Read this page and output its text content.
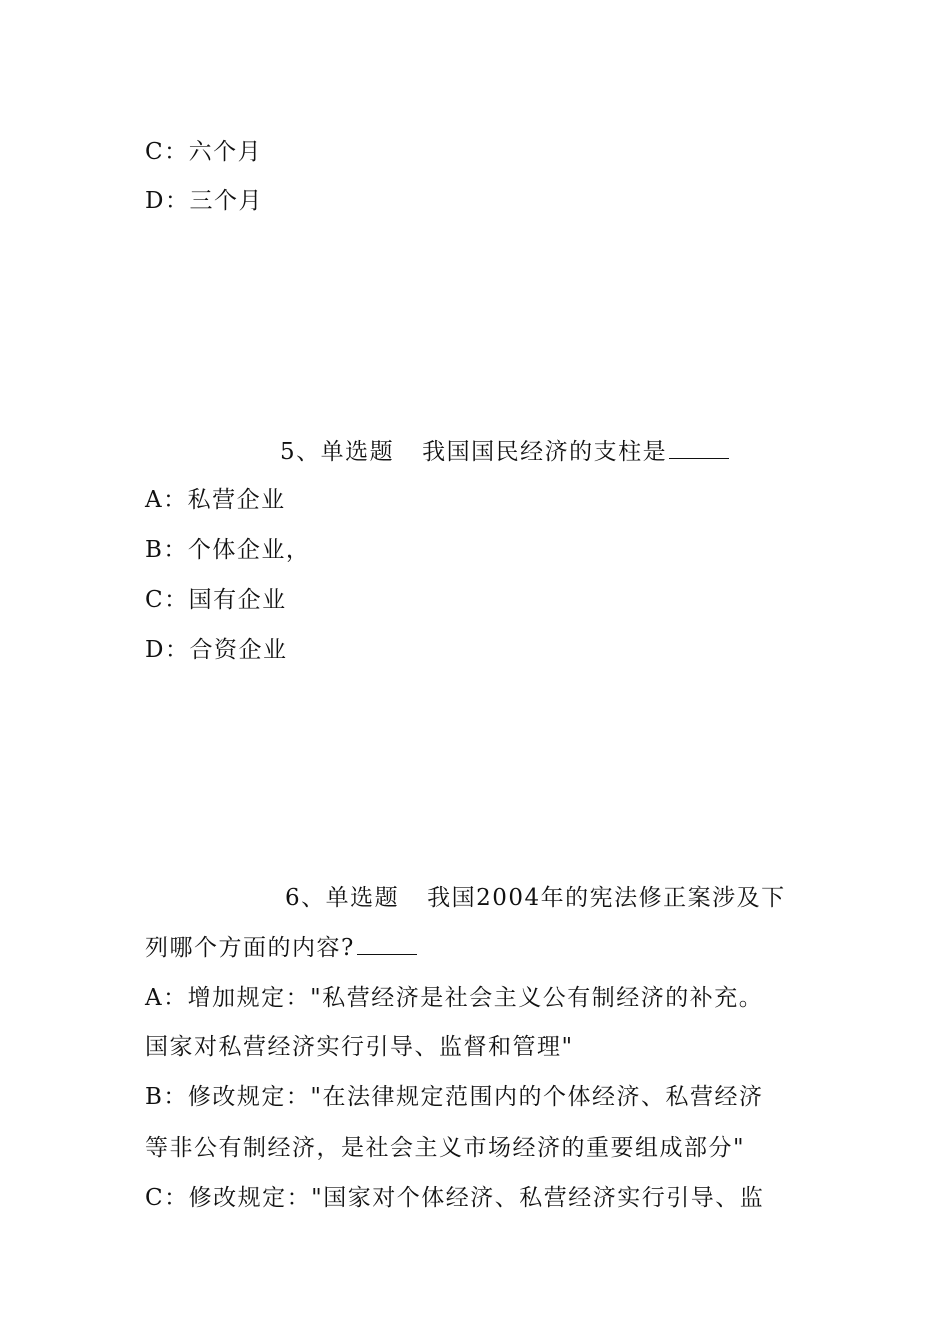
C：六个月
D：三个月
5、单选题 我国国民经济的支柱是
A：私营企业
B：个体企业，
C：国有企业
D：合资企业
6、单选题 我国2004年的宪法修正案涉及下
列哪个方面的内容?
A：增加规定："私营经济是社会主义公有制经济的补充。
国家对私营经济实行引导、监督和管理"
B：修改规定："在法律规定范围内的个体经济、私营经济
等非公有制经济，是社会主义市场经济的重要组成部分"
C：修改规定："国家对个体经济、私营经济实行引导、监
